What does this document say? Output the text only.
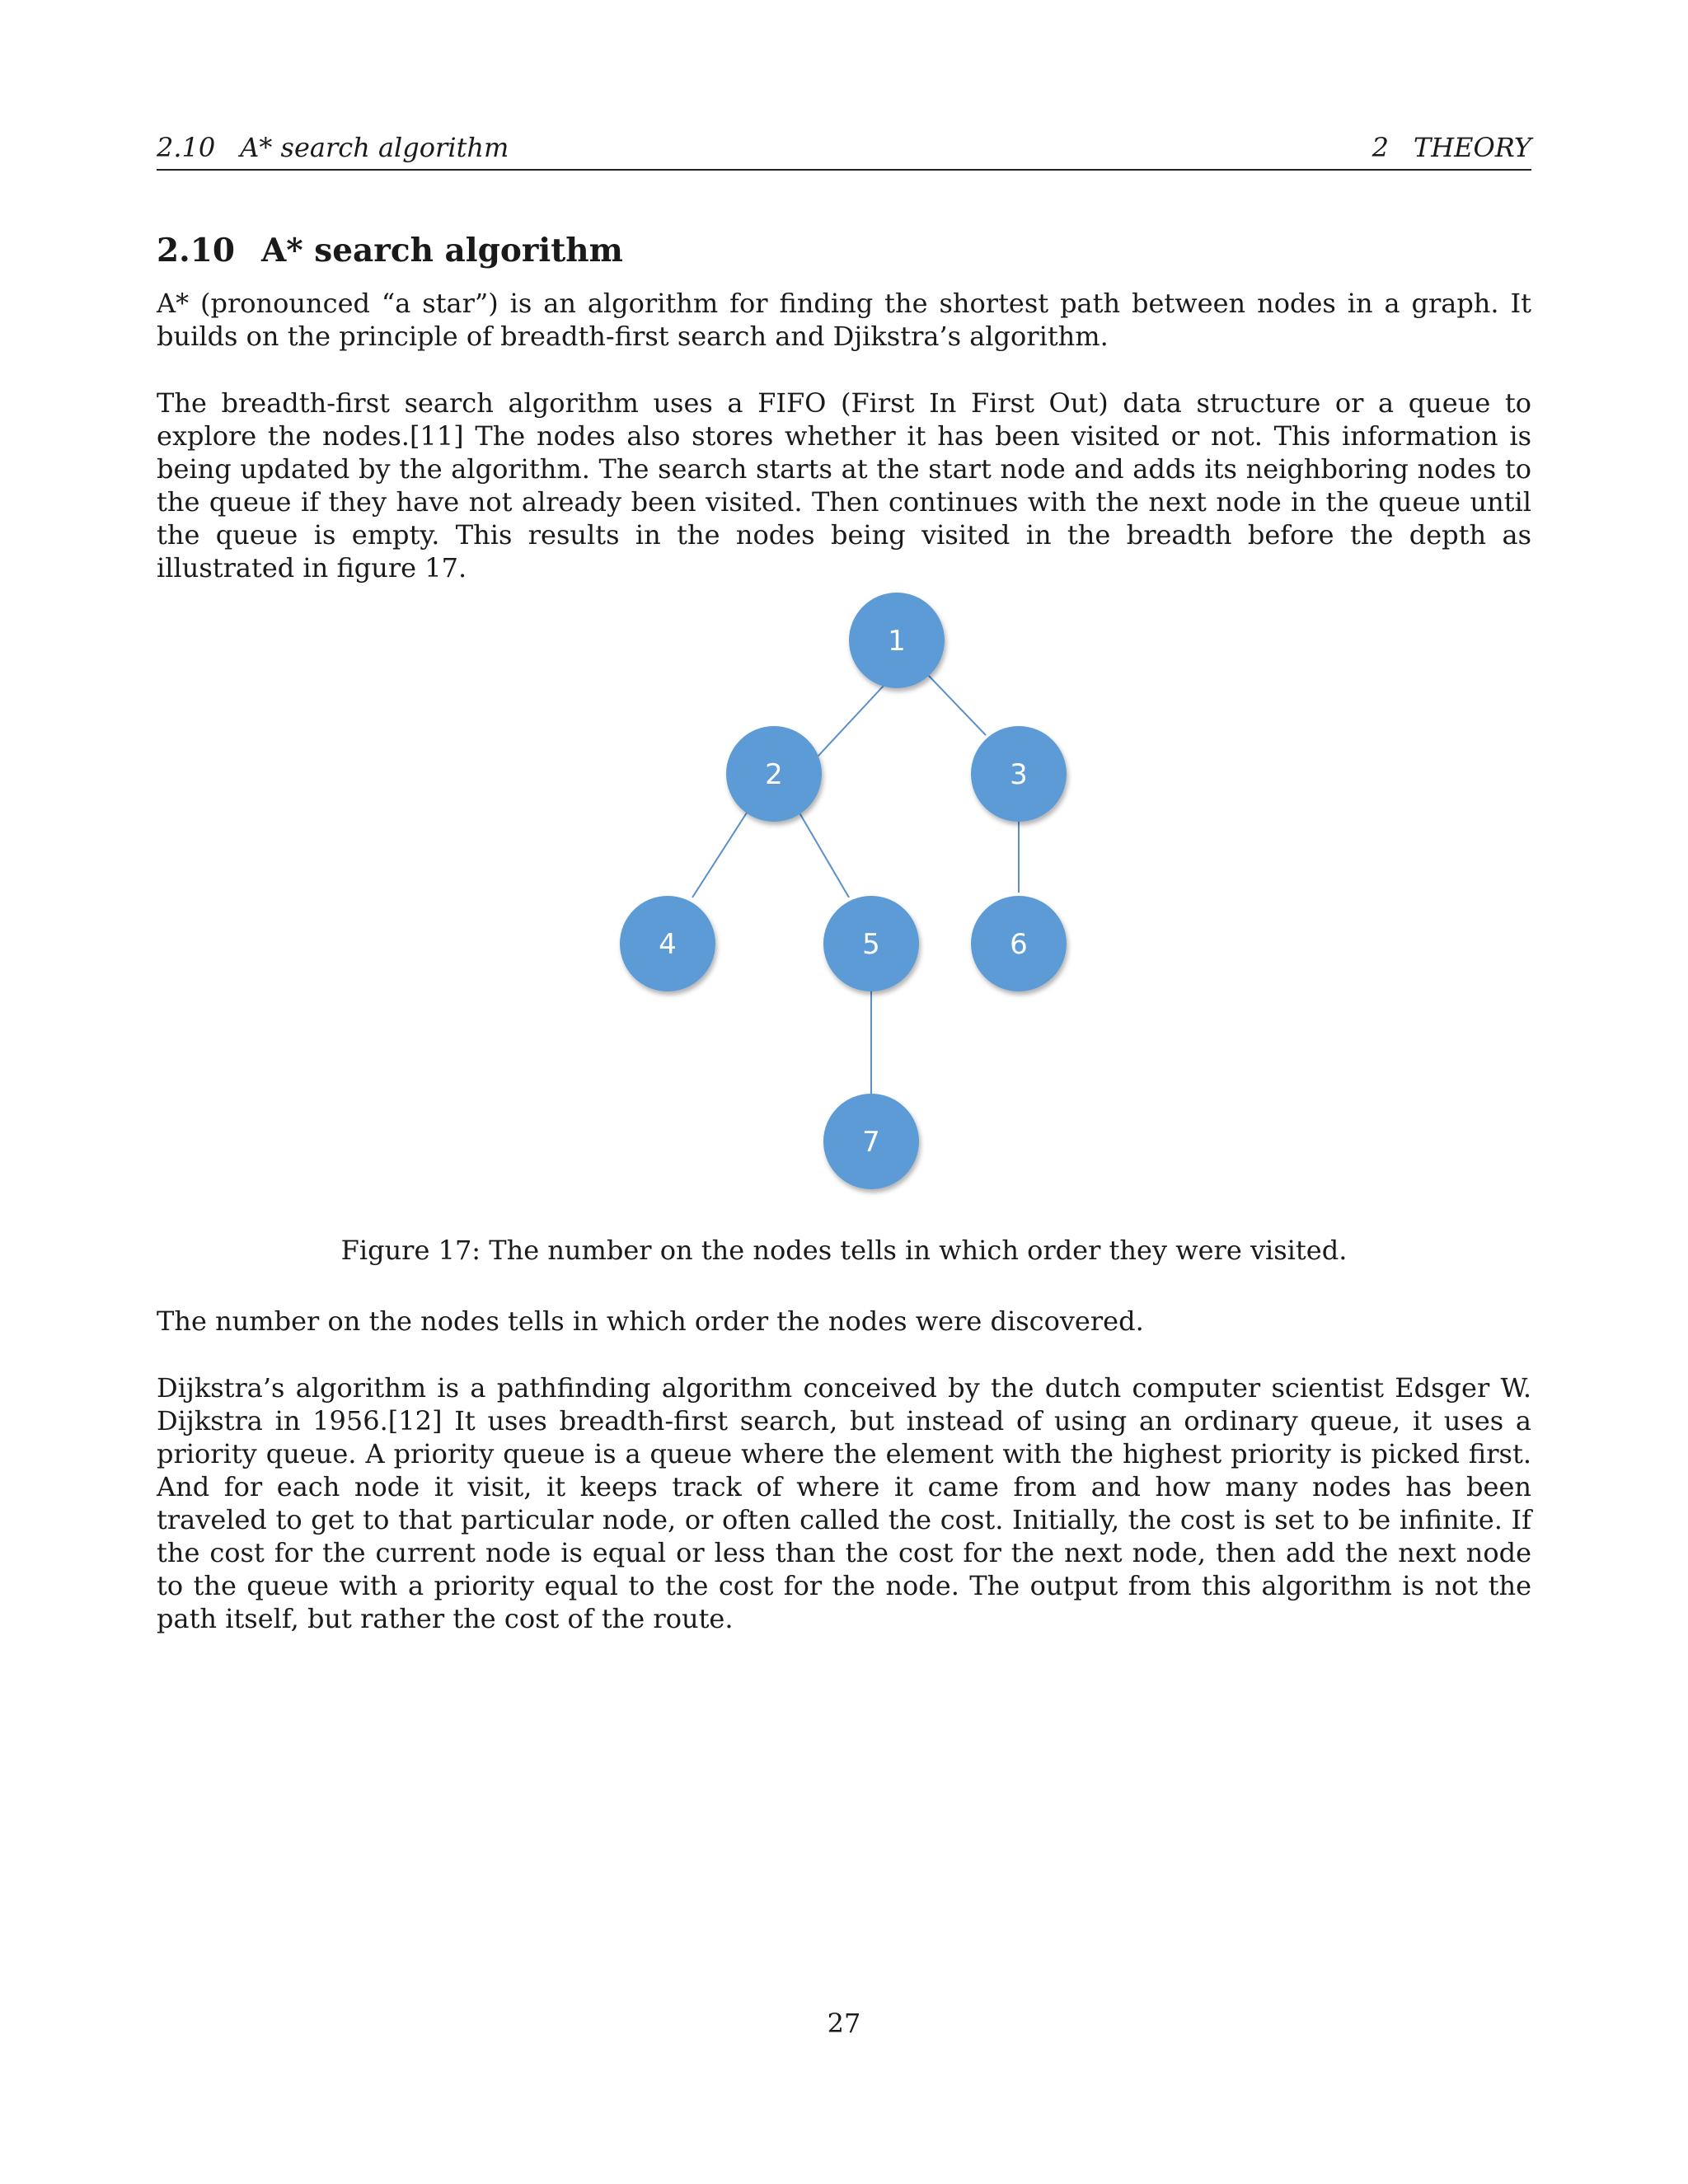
2.10 A* search algorithm	2 THEORY
2.10 A* search algorithm

A* (pronounced “a star”) is an algorithm for finding the shortest path between nodes in a graph. It builds on the principle of breadth-first search and Djikstra’s algorithm.

The breadth-first search algorithm uses a FIFO (First In First Out) data structure or a queue to explore the nodes.[11] The nodes also stores whether it has been visited or not. This information is being updated by the algorithm. The search starts at the start node and adds its neighboring nodes to the queue if they have not already been visited. Then continues with the next node in the queue until the queue is empty. This results in the nodes being visited in the breadth before the depth as illustrated in figure 17.

1
2	3
4	5	6
7

Figure 17: The number on the nodes tells in which order they were visited.

The number on the nodes tells in which order the nodes were discovered.

Dijkstra’s algorithm is a pathfinding algorithm conceived by the dutch computer scientist Edsger W. Dijkstra in 1956.[12] It uses breadth-first search, but instead of using an ordinary queue, it uses a priority queue. A priority queue is a queue where the element with the highest priority is picked first. And for each node it visit, it keeps track of where it came from and how many nodes has been traveled to get to that particular node, or often called the cost. Initially, the cost is set to be infinite. If the cost for the current node is equal or less than the cost for the next node, then add the next node to the queue with a priority equal to the cost for the node. The output from this algorithm is not the path itself, but rather the cost of the route.

27
